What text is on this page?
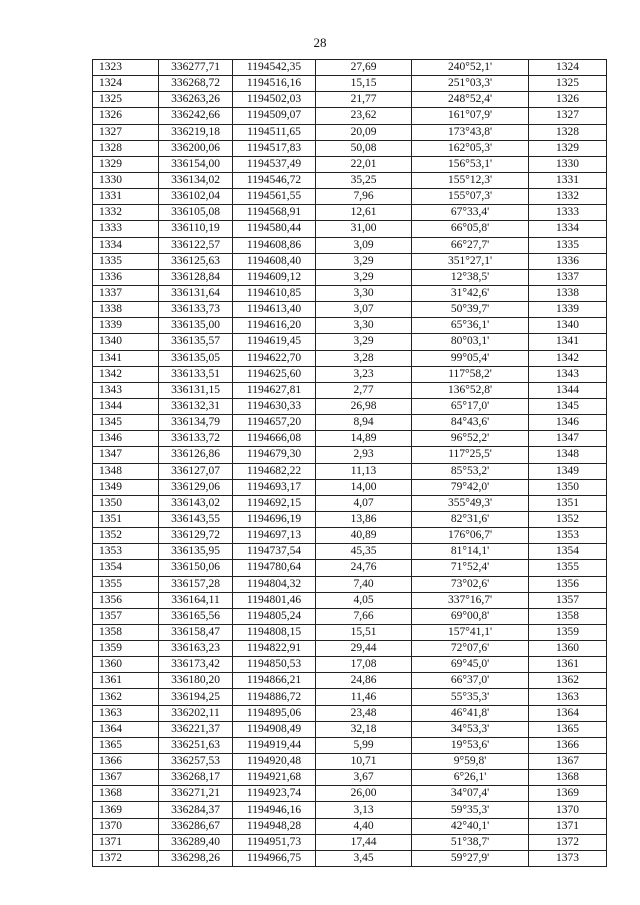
28
1323	336277,71	1194542,35	27,69	240°52,1'	1324
1324	336268,72	1194516,16	15,15	251°03,3'	1325
1325	336263,26	1194502,03	21,77	248°52,4'	1326
1326	336242,66	1194509,07	23,62	161°07,9'	1327
1327	336219,18	1194511,65	20,09	173°43,8'	1328
1328	336200,06	1194517,83	50,08	162°05,3'	1329
1329	336154,00	1194537,49	22,01	156°53,1'	1330
1330	336134,02	1194546,72	35,25	155°12,3'	1331
1331	336102,04	1194561,55	7,96	155°07,3'	1332
1332	336105,08	1194568,91	12,61	67°33,4'	1333
1333	336110,19	1194580,44	31,00	66°05,8'	1334
1334	336122,57	1194608,86	3,09	66°27,7'	1335
1335	336125,63	1194608,40	3,29	351°27,1'	1336
1336	336128,84	1194609,12	3,29	12°38,5'	1337
1337	336131,64	1194610,85	3,30	31°42,6'	1338
1338	336133,73	1194613,40	3,07	50°39,7'	1339
1339	336135,00	1194616,20	3,30	65°36,1'	1340
1340	336135,57	1194619,45	3,29	80°03,1'	1341
1341	336135,05	1194622,70	3,28	99°05,4'	1342
1342	336133,51	1194625,60	3,23	117°58,2'	1343
1343	336131,15	1194627,81	2,77	136°52,8'	1344
1344	336132,31	1194630,33	26,98	65°17,0'	1345
1345	336134,79	1194657,20	8,94	84°43,6'	1346
1346	336133,72	1194666,08	14,89	96°52,2'	1347
1347	336126,86	1194679,30	2,93	117°25,5'	1348
1348	336127,07	1194682,22	11,13	85°53,2'	1349
1349	336129,06	1194693,17	14,00	79°42,0'	1350
1350	336143,02	1194692,15	4,07	355°49,3'	1351
1351	336143,55	1194696,19	13,86	82°31,6'	1352
1352	336129,72	1194697,13	40,89	176°06,7'	1353
1353	336135,95	1194737,54	45,35	81°14,1'	1354
1354	336150,06	1194780,64	24,76	71°52,4'	1355
1355	336157,28	1194804,32	7,40	73°02,6'	1356
1356	336164,11	1194801,46	4,05	337°16,7'	1357
1357	336165,56	1194805,24	7,66	69°00,8'	1358
1358	336158,47	1194808,15	15,51	157°41,1'	1359
1359	336163,23	1194822,91	29,44	72°07,6'	1360
1360	336173,42	1194850,53	17,08	69°45,0'	1361
1361	336180,20	1194866,21	24,86	66°37,0'	1362
1362	336194,25	1194886,72	11,46	55°35,3'	1363
1363	336202,11	1194895,06	23,48	46°41,8'	1364
1364	336221,37	1194908,49	32,18	34°53,3'	1365
1365	336251,63	1194919,44	5,99	19°53,6'	1366
1366	336257,53	1194920,48	10,71	9°59,8'	1367
1367	336268,17	1194921,68	3,67	6°26,1'	1368
1368	336271,21	1194923,74	26,00	34°07,4'	1369
1369	336284,37	1194946,16	3,13	59°35,3'	1370
1370	336286,67	1194948,28	4,40	42°40,1'	1371
1371	336289,40	1194951,73	17,44	51°38,7'	1372
1372	336298,26	1194966,75	3,45	59°27,9'	1373
